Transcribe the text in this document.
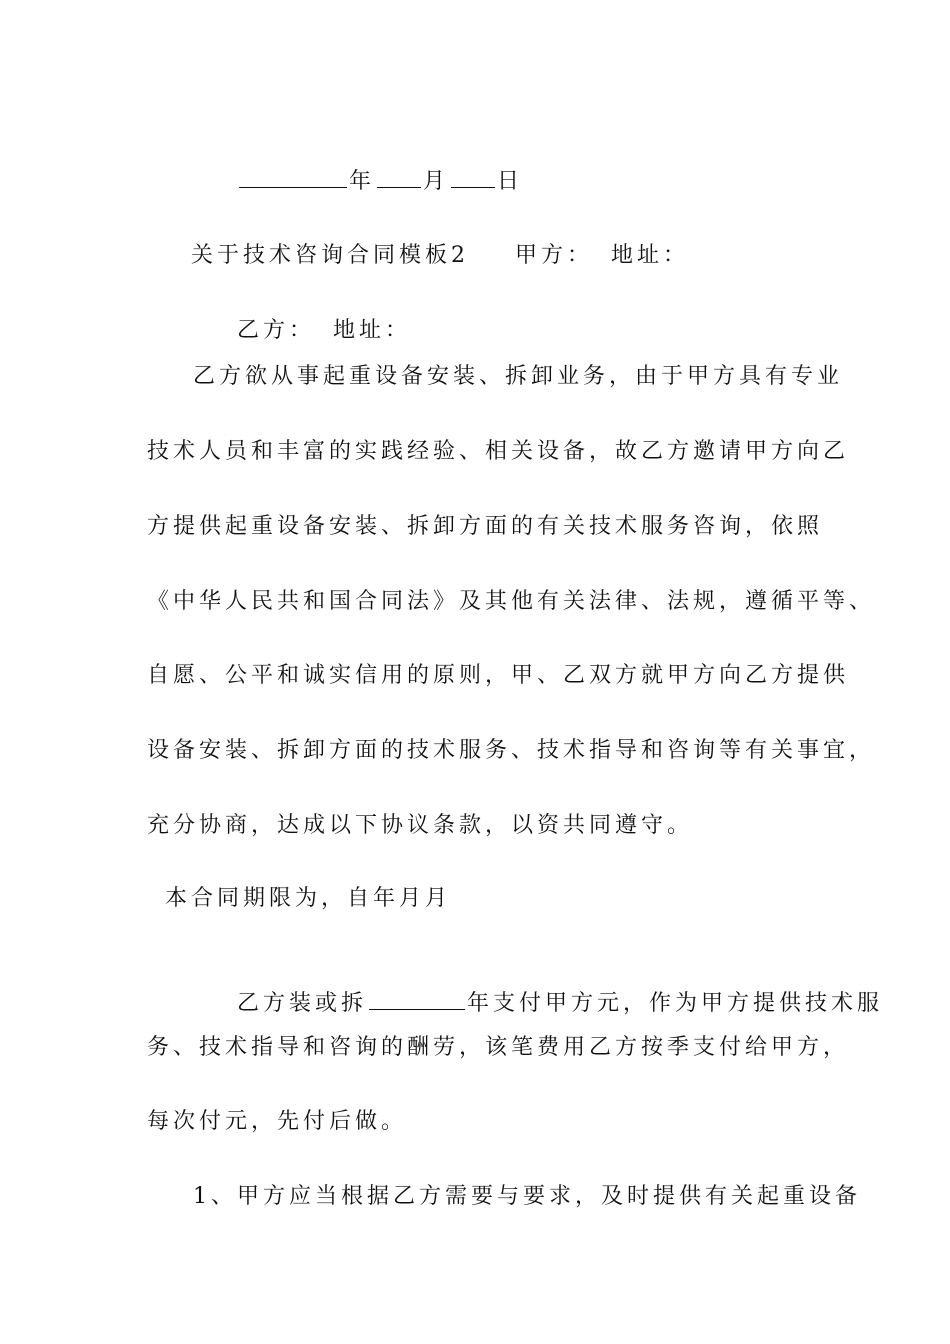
年 月 日

关于技术咨询合同模板2 甲方： 地址：

乙方： 地址：

乙方欲从事起重设备安装、拆卸业务，由于甲方具有专业
技术人员和丰富的实践经验、相关设备，故乙方邀请甲方向乙
方提供起重设备安装、拆卸方面的有关技术服务咨询，依照
《中华人民共和国合同法》及其他有关法律、法规，遵循平等、
自愿、公平和诚实信用的原则，甲、乙双方就甲方向乙方提供
设备安装、拆卸方面的技术服务、技术指导和咨询等有关事宜，
充分协商，达成以下协议条款，以资共同遵守。
本合同期限为，自年月月

乙方装或拆	年支付甲方元，作为甲方提供技术服

务、技术指导和咨询的酬劳，该笔费用乙方按季支付给甲方，
每次付元，先付后做。
1、甲方应当根据乙方需要与要求，及时提供有关起重设备
